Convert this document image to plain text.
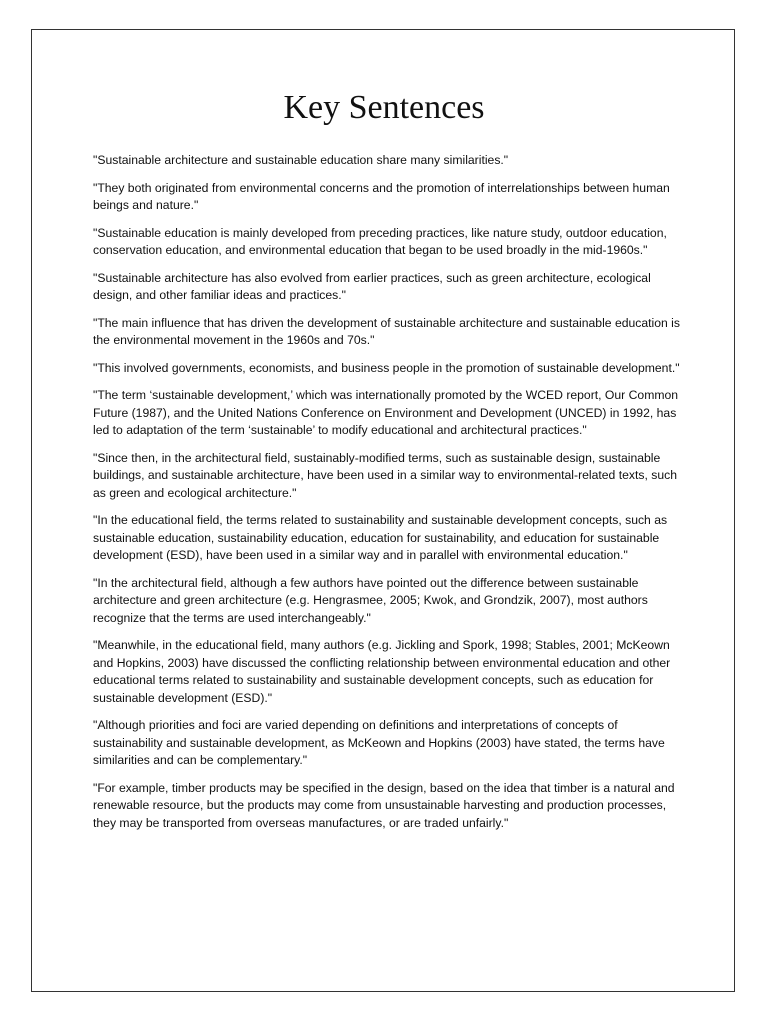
Key Sentences
"Sustainable architecture and sustainable education share many similarities."
"They both originated from environmental concerns and the promotion of interrelationships between human beings and nature."
"Sustainable education is mainly developed from preceding practices, like nature study, outdoor education, conservation education, and environmental education that began to be used broadly in the mid-1960s."
"Sustainable architecture has also evolved from earlier practices, such as green architecture, ecological design, and other familiar ideas and practices."
"The main influence that has driven the development of sustainable architecture and sustainable education is the environmental movement in the 1960s and 70s."
"This involved governments, economists, and business people in the promotion of sustainable development."
"The term ‘sustainable development,’ which was internationally promoted by the WCED report, Our Common Future (1987), and the United Nations Conference on Environment and Development (UNCED) in 1992, has led to adaptation of the term ‘sustainable’ to modify educational and architectural practices."
"Since then, in the architectural field, sustainably-modified terms, such as sustainable design, sustainable buildings, and sustainable architecture, have been used in a similar way to environmental-related texts, such as green and ecological architecture."
"In the educational field, the terms related to sustainability and sustainable development concepts, such as sustainable education, sustainability education, education for sustainability, and education for sustainable development (ESD), have been used in a similar way and in parallel with environmental education."
"In the architectural field, although a few authors have pointed out the difference between sustainable architecture and green architecture (e.g. Hengrasmee, 2005; Kwok, and Grondzik, 2007), most authors recognize that the terms are used interchangeably."
"Meanwhile, in the educational field, many authors (e.g. Jickling and Spork, 1998; Stables, 2001; McKeown and Hopkins, 2003) have discussed the conflicting relationship between environmental education and other educational terms related to sustainability and sustainable development concepts, such as education for sustainable development (ESD)."
"Although priorities and foci are varied depending on definitions and interpretations of concepts of sustainability and sustainable development, as McKeown and Hopkins (2003) have stated, the terms have similarities and can be complementary."
"For example, timber products may be specified in the design, based on the idea that timber is a natural and renewable resource, but the products may come from unsustainable harvesting and production processes, they may be transported from overseas manufactures, or are traded unfairly."
